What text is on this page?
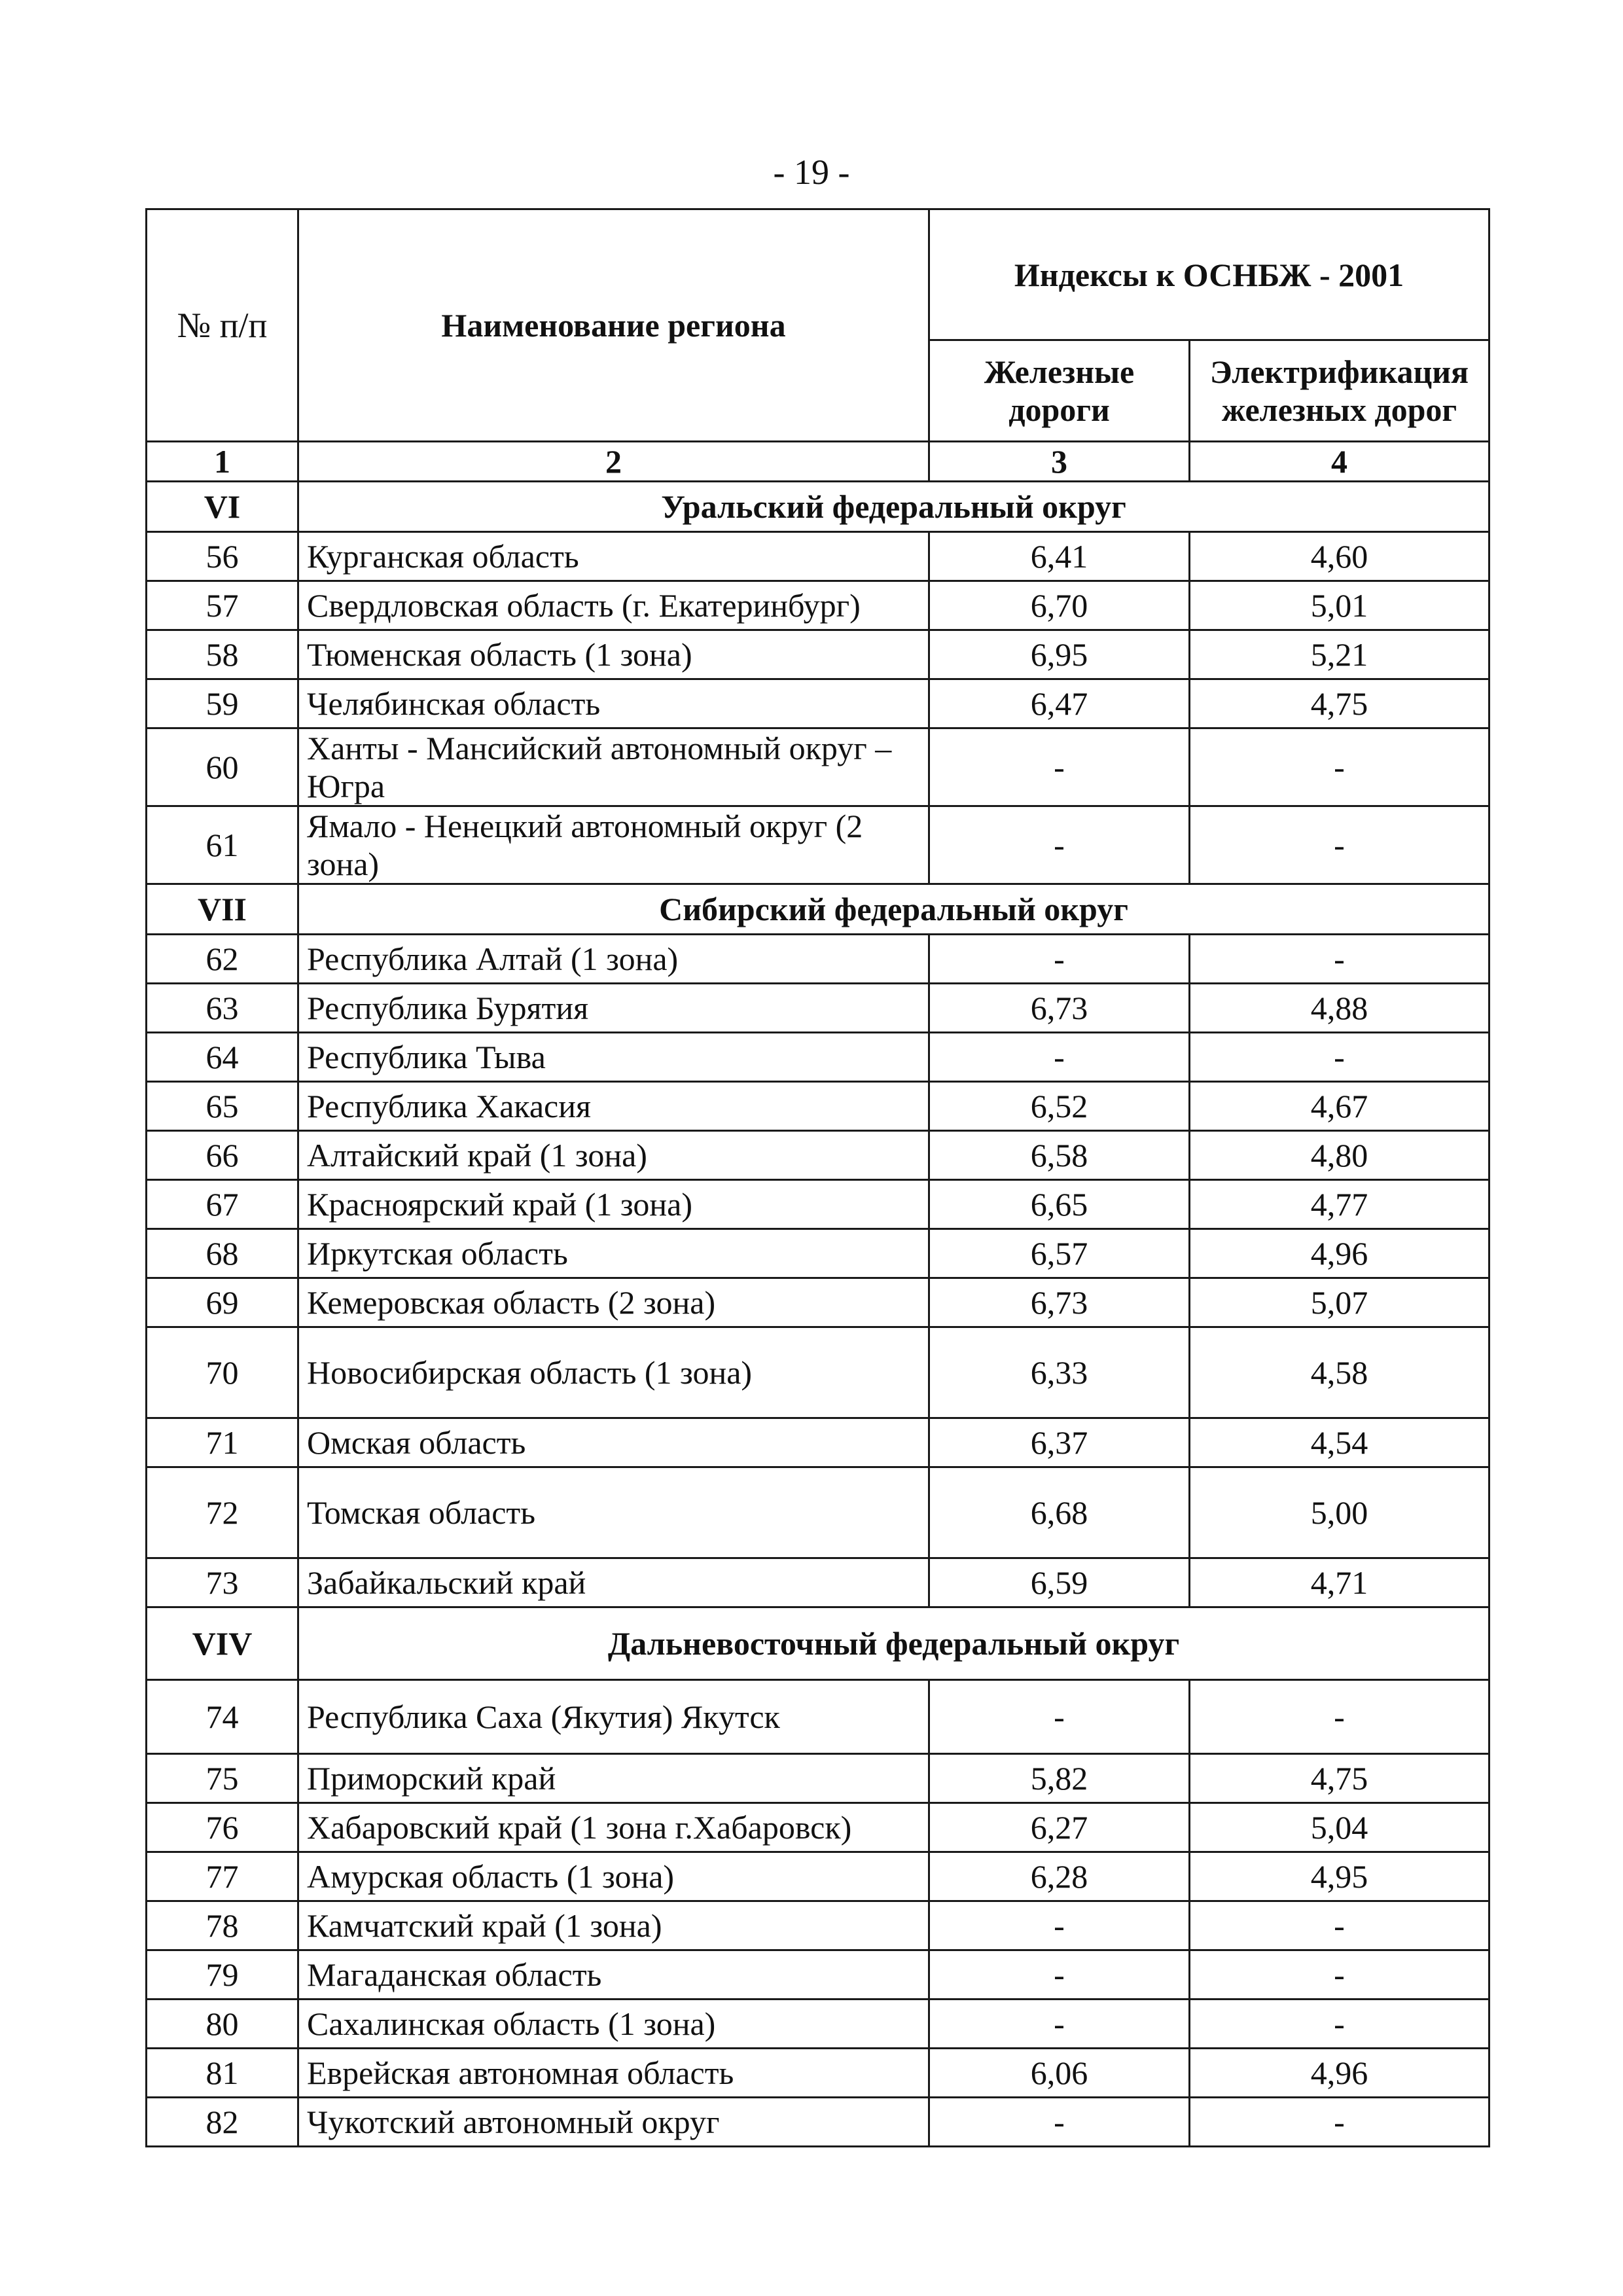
- 19 -
№ п/п	Наименование региона	Индексы к ОСНБЖ - 2001	
		Железные дороги	Электрификация железных дорог
1	2	3	4
VI	Уральский федеральный округ		
56	Курганская область	6,41	4,60
57	Свердловская область (г. Екатеринбург)	6,70	5,01
58	Тюменская область (1 зона)	6,95	5,21
59	Челябинская область	6,47	4,75
60	Ханты - Мансийский автономный округ – Югра	-	-
61	Ямало - Ненецкий автономный округ (2 зона)	-	-
VII	Сибирский федеральный округ		
62	Республика Алтай (1 зона)	-	-
63	Республика Бурятия	6,73	4,88
64	Республика Тыва	-	-
65	Республика Хакасия	6,52	4,67
66	Алтайский край (1 зона)	6,58	4,80
67	Красноярский край (1 зона)	6,65	4,77
68	Иркутская область	6,57	4,96
69	Кемеровская область (2 зона)	6,73	5,07
70	Новосибирская область (1 зона)	6,33	4,58
71	Омская область	6,37	4,54
72	Томская область	6,68	5,00
73	Забайкальский край	6,59	4,71
VIV	Дальневосточный федеральный округ		
74	Республика Саха (Якутия) Якутск	-	-
75	Приморский край	5,82	4,75
76	Хабаровский край (1 зона г.Хабаровск)	6,27	5,04
77	Амурская область (1 зона)	6,28	4,95
78	Камчатский край (1 зона)	-	-
79	Магаданская область	-	-
80	Сахалинская область (1 зона)	-	-
81	Еврейская автономная область	6,06	4,96
82	Чукотский автономный округ	-	-
